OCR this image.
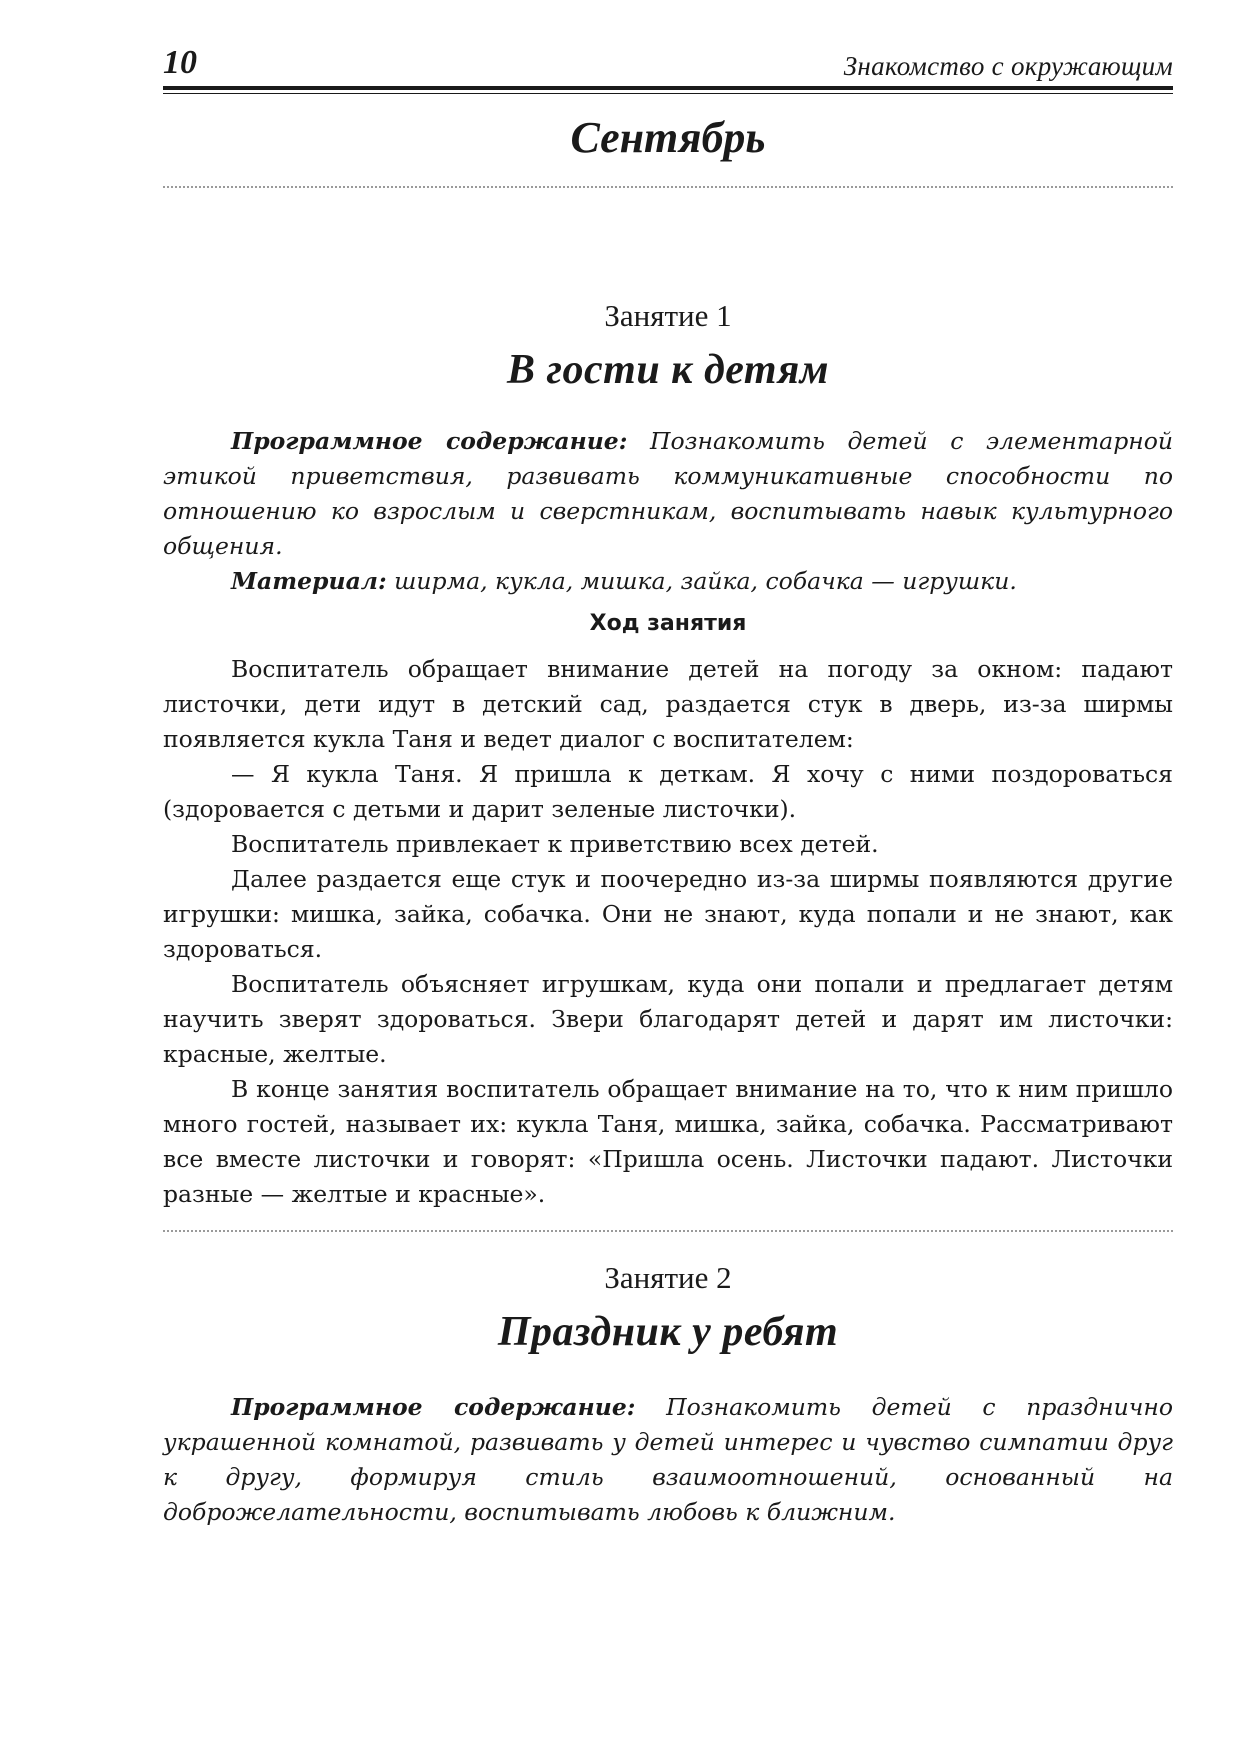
10	Знакомство с окружающим
Сентябрь
Занятие 1
В гости к детям

Программное содержание: Познакомить детей с элементарной этикой приветствия, развивать коммуникативные способности по отношению ко взрослым и сверстникам, воспитывать навык культурного общения.

Материал: ширма, кукла, мишка, зайка, собачка — игрушки.

Ход занятия

Воспитатель обращает внимание детей на погоду за окном: падают листочки, дети идут в детский сад, раздается стук в дверь, из-за ширмы появляется кукла Таня и ведет диалог с воспитателем:

— Я кукла Таня. Я пришла к деткам. Я хочу с ними поздороваться (здоровается с детьми и дарит зеленые листочки).

Воспитатель привлекает к приветствию всех детей.

Далее раздается еще стук и поочередно из-за ширмы появляются другие игрушки: мишка, зайка, собачка. Они не знают, куда попали и не знают, как здороваться.

Воспитатель объясняет игрушкам, куда они попали и предлагает детям научить зверят здороваться. Звери благодарят детей и дарят им листочки: красные, желтые.

В конце занятия воспитатель обращает внимание на то, что к ним пришло много гостей, называет их: кукла Таня, мишка, зайка, собачка. Рассматривают все вместе листочки и говорят: «Пришла осень. Листочки падают. Листочки разные — желтые и красные».

Занятие 2
Праздник у ребят

Программное содержание: Познакомить детей с празднично украшенной комнатой, развивать у детей интерес и чувство симпатии друг к другу, формируя стиль взаимоотношений, основанный на доброжелательности, воспитывать любовь к ближним.
